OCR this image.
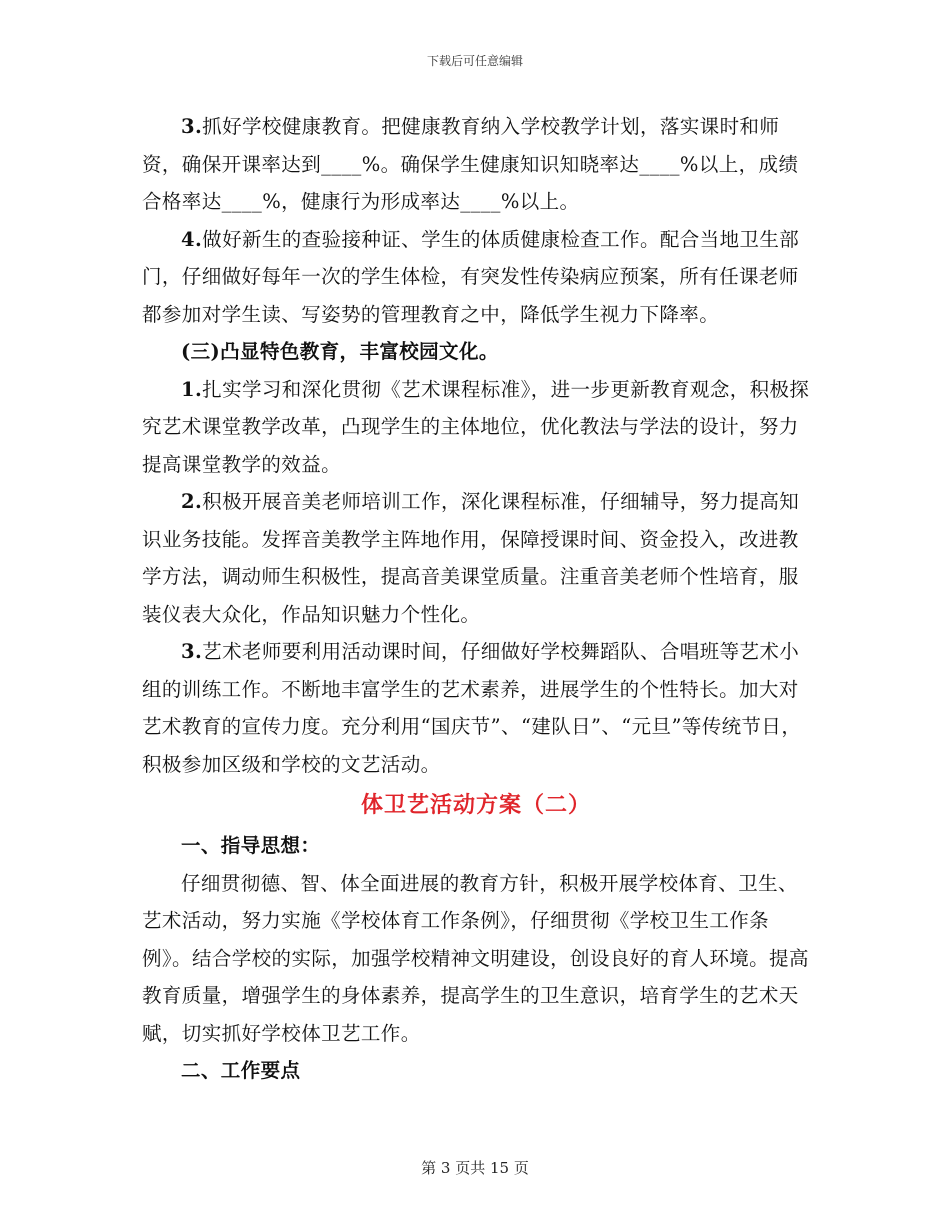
下载后可任意编辑

3.抓好学校健康教育。把健康教育纳入学校教学计划，落实课时和师资，确保开课率达到____%。确保学生健康知识知晓率达____%以上，成绩合格率达____%，健康行为形成率达____%以上。

4.做好新生的查验接种证、学生的体质健康检查工作。配合当地卫生部门，仔细做好每年一次的学生体检，有突发性传染病应预案，所有任课老师都参加对学生读、写姿势的管理教育之中，降低学生视力下降率。

(三)凸显特色教育，丰富校园文化。

1.扎实学习和深化贯彻《艺术课程标准》，进一步更新教育观念，积极探究艺术课堂教学改革，凸现学生的主体地位，优化教法与学法的设计，努力提高课堂教学的效益。

2.积极开展音美老师培训工作，深化课程标准，仔细辅导，努力提高知识业务技能。发挥音美教学主阵地作用，保障授课时间、资金投入，改进教学方法，调动师生积极性，提高音美课堂质量。注重音美老师个性培育，服装仪表大众化，作品知识魅力个性化。

3.艺术老师要利用活动课时间，仔细做好学校舞蹈队、合唱班等艺术小组的训练工作。不断地丰富学生的艺术素养，进展学生的个性特长。加大对艺术教育的宣传力度。充分利用“国庆节”、“建队日”、“元旦”等传统节日，积极参加区级和学校的文艺活动。

体卫艺活动方案（二）

一、指导思想：

仔细贯彻德、智、体全面进展的教育方针，积极开展学校体育、卫生、艺术活动，努力实施《学校体育工作条例》，仔细贯彻《学校卫生工作条例》。结合学校的实际，加强学校精神文明建设，创设良好的育人环境。提高教育质量，增强学生的身体素养，提高学生的卫生意识，培育学生的艺术天赋，切实抓好学校体卫艺工作。

二、工作要点

第 3 页共 15 页
